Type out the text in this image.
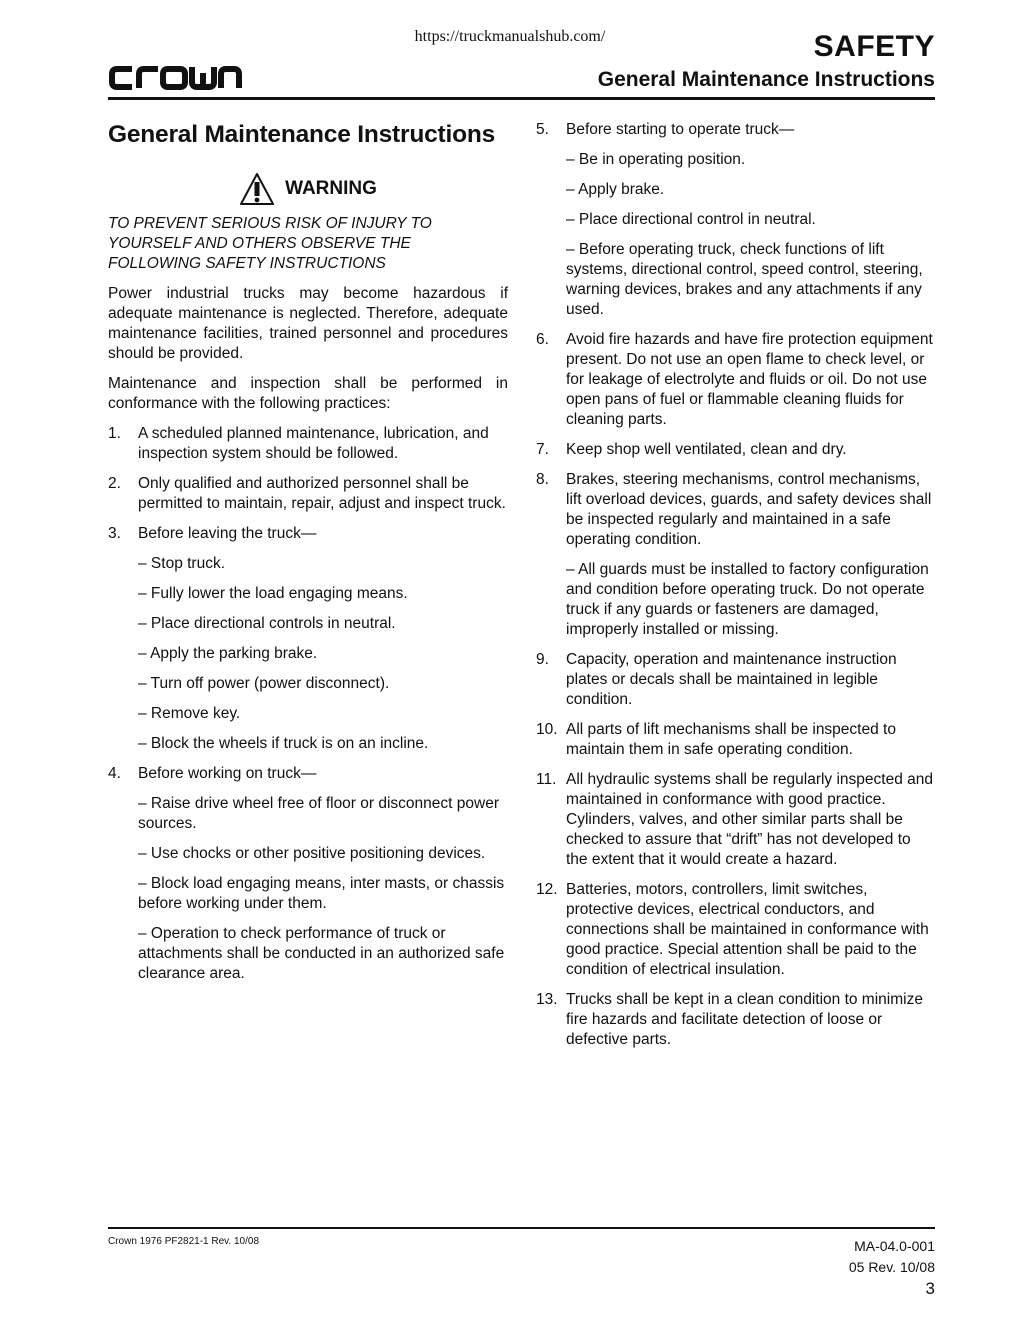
https://truckmanualshub.com/	SAFETY
General Maintenance Instructions
General Maintenance Instructions
WARNING
TO PREVENT SERIOUS RISK OF INJURY TO YOURSELF AND OTHERS OBSERVE THE FOLLOWING SAFETY INSTRUCTIONS
Power industrial trucks may become hazardous if adequate maintenance is neglected. Therefore, adequate maintenance facilities, trained personnel and procedures should be provided.
Maintenance and inspection shall be performed in conformance with the following practices:
1.	A scheduled planned maintenance, lubrication, and inspection system should be followed.
2.	Only qualified and authorized personnel shall be permitted to maintain, repair, adjust and inspect truck.
3.	Before leaving the truck—
– Stop truck.
– Fully lower the load engaging means.
– Place directional controls in neutral.
– Apply the parking brake.
– Turn off power (power disconnect).
– Remove key.
– Block the wheels if truck is on an incline.
4.	Before working on truck—
– Raise drive wheel free of floor or disconnect power sources.
– Use chocks or other positive positioning devices.
– Block load engaging means, inter masts, or chassis before working under them.
– Operation to check performance of truck or attachments shall be conducted in an authorized safe clearance area.
5.	Before starting to operate truck—
– Be in operating position.
– Apply brake.
– Place directional control in neutral.
– Before operating truck, check functions of lift systems, directional control, speed control, steering, warning devices, brakes and any attachments if any used.
6.	Avoid fire hazards and have fire protection equipment present. Do not use an open flame to check level, or for leakage of electrolyte and fluids or oil. Do not use open pans of fuel or flammable cleaning fluids for cleaning parts.
7.	Keep shop well ventilated, clean and dry.
8.	Brakes, steering mechanisms, control mechanisms, lift overload devices, guards, and safety devices shall be inspected regularly and maintained in a safe operating condition.
– All guards must be installed to factory configuration and condition before operating truck. Do not operate truck if any guards or fasteners are damaged, improperly installed or missing.
9.	Capacity, operation and maintenance instruction plates or decals shall be maintained in legible condition.
10. All parts of lift mechanisms shall be inspected to maintain them in safe operating condition.
11. All hydraulic systems shall be regularly inspected and maintained in conformance with good practice. Cylinders, valves, and other similar parts shall be checked to assure that “drift” has not developed to the extent that it would create a hazard.
12. Batteries, motors, controllers, limit switches, protective devices, electrical conductors, and connections shall be maintained in conformance with good practice. Special attention shall be paid to the condition of electrical insulation.
13. Trucks shall be kept in a clean condition to minimize fire hazards and facilitate detection of loose or defective parts.
Crown 1976 PF2821-1 Rev. 10/08	MA-04.0-001
05 Rev. 10/08
3
